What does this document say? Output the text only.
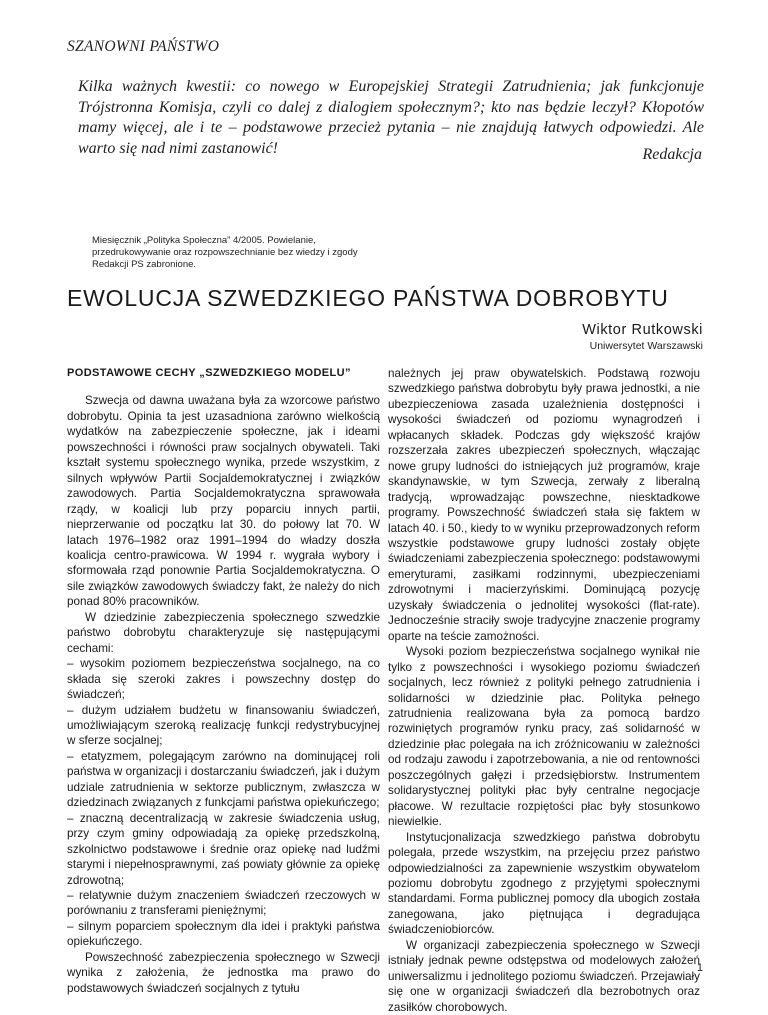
SZANOWNI PAŃSTWO

Kilka ważnych kwestii: co nowego w Europejskiej Strategii Zatrudnienia; jak funkcjonuje Trójstronna Komisja, czyli co dalej z dialogiem społecznym?; kto nas będzie leczył? Kłopotów mamy więcej, ale i te – podstawowe przecież pytania – nie znajdują łatwych odpowiedzi. Ale warto się nad nimi zastanowić!	Redakcja

Miesięcznik „Polityka Społeczna” 4/2005. Powielanie, przedrukowywanie oraz rozpowszechnianie bez wiedzy i zgody Redakcji PS zabronione.

EWOLUCJA SZWEDZKIEGO PAŃSTWA DOBROBYTU
Wiktor Rutkowski
Uniwersytet Warszawski
PODSTAWOWE CECHY „SZWEDZKIEGO MODELU”

Szwecja od dawna uważana była za wzorcowe państwo dobrobytu. Opinia ta jest uzasadniona zarówno wielkością wydatków na zabezpieczenie społeczne, jak i ideami powszechności i równości praw socjalnych obywateli. Taki kształt systemu społecznego wynika, przede wszystkim, z silnych wpływów Partii Socjaldemokratycznej i związków zawodowych. Partia Socjaldemokratyczna sprawowała rządy, w koalicji lub przy poparciu innych partii, nieprzerwanie od początku lat 30. do połowy lat 70. W latach 1976–1982 oraz 1991–1994 do władzy doszła koalicja centro-prawicowa. W 1994 r. wygrała wybory i sformowała rząd ponownie Partia Socjaldemokratyczna. O sile związków zawodowych świadczy fakt, że należy do nich ponad 80% pracowników.

W dziedzinie zabezpieczenia społecznego szwedzkie państwo dobrobytu charakteryzuje się następującymi cechami:

– wysokim poziomem bezpieczeństwa socjalnego, na co składa się szeroki zakres i powszechny dostęp do świadczeń;

– dużym udziałem budżetu w finansowaniu świadczeń, umożliwiającym szeroką realizację funkcji redystrybucyjnej w sferze socjalnej;

– etatyzmem, polegającym zarówno na dominującej roli państwa w organizacji i dostarczaniu świadczeń, jak i dużym udziale zatrudnienia w sektorze publicznym, zwłaszcza w dziedzinach związanych z funkcjami państwa opiekuńczego;

– znaczną decentralizacją w zakresie świadczenia usług, przy czym gminy odpowiadają za opiekę przedszkolną, szkolnictwo podstawowe i średnie oraz opiekę nad ludźmi starymi i niepełnosprawnymi, zaś powiaty głównie za opiekę zdrowotną;

– relatywnie dużym znaczeniem świadczeń rzeczowych w porównaniu z transferami pieniężnymi;

– silnym poparciem społecznym dla idei i praktyki państwa opiekuńczego.

Powszechność zabezpieczenia społecznego w Szwecji wynika z założenia, że jednostka ma prawo do podstawowych świadczeń socjalnych z tytułu

należnych jej praw obywatelskich. Podstawą rozwoju szwedzkiego państwa dobrobytu były prawa jednostki, a nie ubezpieczeniowa zasada uzależnienia dostępności i wysokości świadczeń od poziomu wynagrodzeń i wpłacanych składek. Podczas gdy większość krajów rozszerzała zakres ubezpieczeń społecznych, włączając nowe grupy ludności do istniejących już programów, kraje skandynawskie, w tym Szwecja, zerwały z liberalną tradycją, wprowadzając powszechne, niesktadkowe programy. Powszechność świadczeń stała się faktem w latach 40. i 50., kiedy to w wyniku przeprowadzonych reform wszystkie podstawowe grupy ludności zostały objęte świadczeniami zabezpieczenia społecznego: podstawowymi emeryturami, zasiłkami rodzinnymi, ubezpieczeniami zdrowotnymi i macierzyńskimi. Dominującą pozycję uzyskały świadczenia o jednolitej wysokości (flat-rate). Jednocześnie straciły swoje tradycyjne znaczenie programy oparte na teście zamożności.

Wysoki poziom bezpieczeństwa socjalnego wynikał nie tylko z powszechności i wysokiego poziomu świadczeń socjalnych, lecz również z polityki pełnego zatrudnienia i solidarności w dziedzinie płac. Polityka pełnego zatrudnienia realizowana była za pomocą bardzo rozwiniętych programów rynku pracy, zaś solidarność w dziedzinie płac polegała na ich zróżnicowaniu w zależności od rodzaju zawodu i zapotrzebowania, a nie od rentowności poszczególnych gałęzi i przedsiębiorstw. Instrumentem solidarystycznej polityki płac były centralne negocjacje płacowe. W rezultacie rozpiętości płac były stosunkowo niewielkie.

Instytucjonalizacja szwedzkiego państwa dobrobytu polegała, przede wszystkim, na przejęciu przez państwo odpowiedzialności za zapewnienie wszystkim obywatelom poziomu dobrobytu zgodnego z przyjętymi społecznymi standardami. Forma publicznej pomocy dla ubogich została zanegowana, jako piętnująca i degradująca świadczeniobiorców.

W organizacji zabezpieczenia społecznego w Szwecji istniały jednak pewne odstępstwa od modelowych założeń uniwersalizmu i jednolitego poziomu świadczeń. Przejawiały się one w organizacji świadczeń dla bezrobotnych oraz zasiłków chorobowych.

1
